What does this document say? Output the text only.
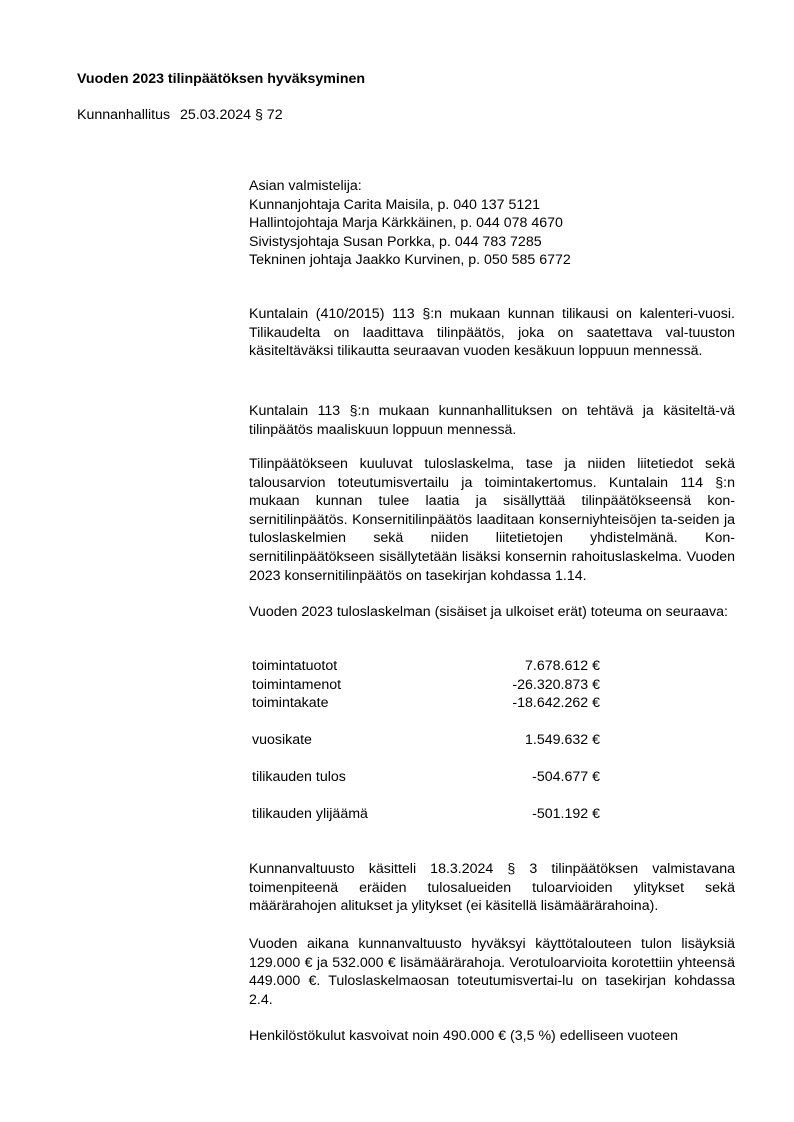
Vuoden 2023 tilinpäätöksen hyväksyminen
Kunnanhallitus 25.03.2024 § 72

Asian valmistelija:

Kunnanjohtaja Carita Maisila, p. 040 137 5121

Hallintojohtaja Marja Kärkkäinen, p. 044 078 4670

Sivistysjohtaja Susan Porkka, p. 044 783 7285

Tekninen johtaja Jaakko Kurvinen, p. 050 585 6772

Kuntalain (410/2015) 113 §:n mukaan kunnan tilikausi on kalenteri-vuosi. Tilikaudelta on laadittava tilinpäätös, joka on saatettava val-tuuston käsiteltäväksi tilikautta seuraavan vuoden kesäkuun loppuun mennessä.
Kuntalain 113 §:n mukaan kunnanhallituksen on tehtävä ja käsiteltä-vä tilinpäätös maaliskuun loppuun mennessä.
Tilinpäätökseen kuuluvat tuloslaskelma, tase ja niiden liitetiedot sekä talousarvion toteutumisvertailu ja toimintakertomus. Kuntalain 114 §:n mukaan kunnan tulee laatia ja sisällyttää tilinpäätökseensä kon-sernitilinpäätös. Konsernitilinpäätös laaditaan konserniyhteisöjen ta-seiden ja tuloslaskelmien sekä niiden liitetietojen yhdistelmänä. Kon-sernitilinpäätökseen sisällytetään lisäksi konsernin rahoituslaskelma. Vuoden 2023 konsernitilinpäätös on tasekirjan kohdassa 1.14.
Vuoden 2023 tuloslaskelman (sisäiset ja ulkoiset erät) toteuma on seuraava:
toimintatuotot	7.678.612 €
toimintamenot	-26.320.873 €
toimintakate	-18.642.262 €
vuosikate	1.549.632 €
tilikauden tulos	-504.677 €
tilikauden ylijäämä	-501.192 €
Kunnanvaltuusto käsitteli 18.3.2024 § 3 tilinpäätöksen valmistavana toimenpiteenä eräiden tulosalueiden tuloarvioiden ylitykset sekä määrärahojen alitukset ja ylitykset (ei käsitellä lisämäärärahoina).
Vuoden aikana kunnanvaltuusto hyväksyi käyttötalouteen tulon lisäyksiä 129.000 € ja 532.000 € lisämäärärahoja. Verotuloarvioita korotettiin yhteensä 449.000 €. Tuloslaskelmaosan toteutumisvertai-lu on tasekirjan kohdassa 2.4.
Henkilöstökulut kasvoivat noin 490.000 € (3,5 %) edelliseen vuoteen
